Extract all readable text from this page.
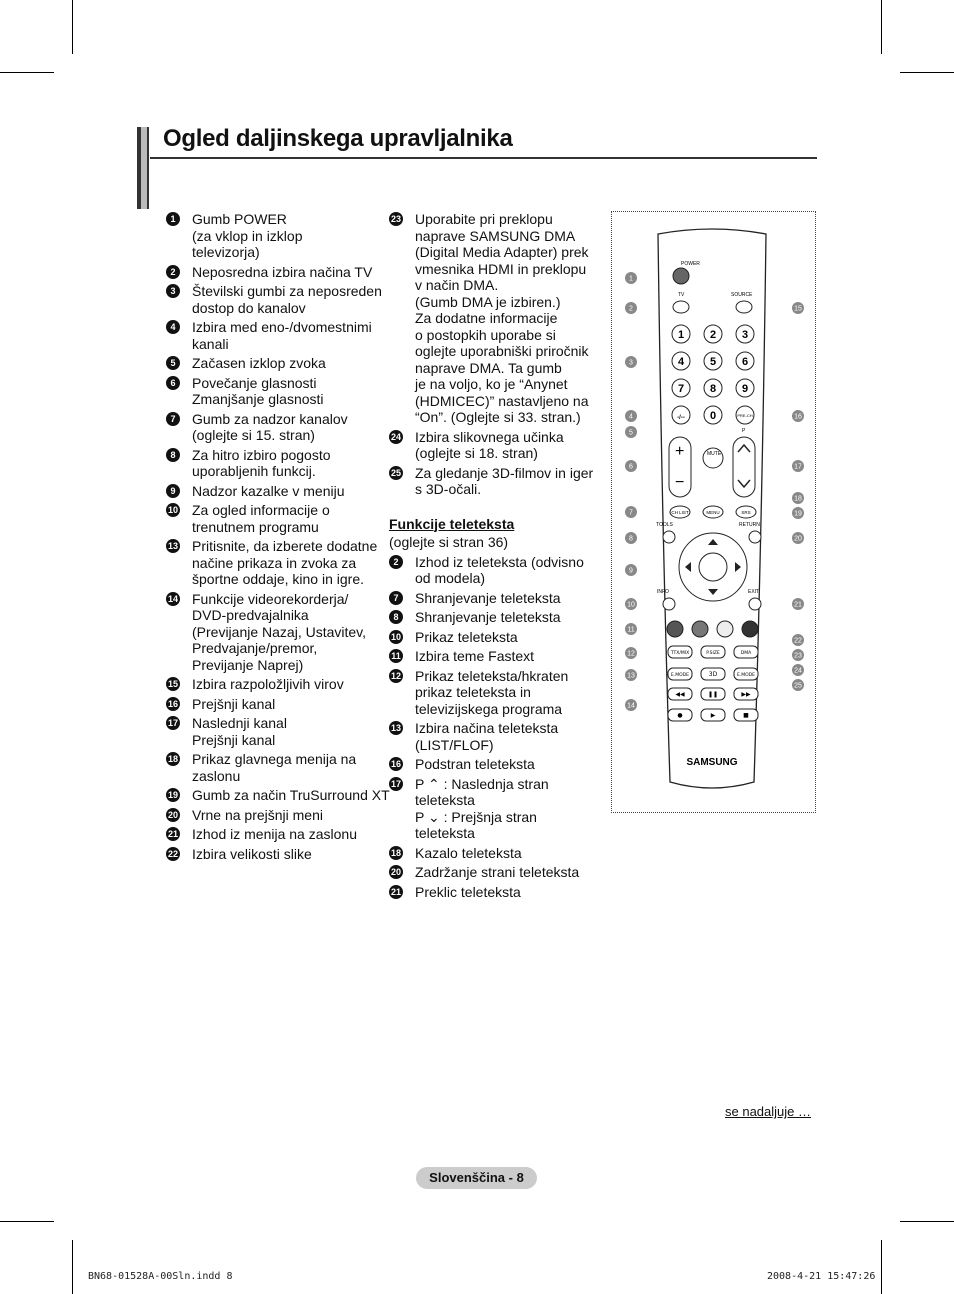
Ogled daljinskega upravljalnika
1	Gumb POWER
(za vklop in izklop
televizorja)
2	Neposredna izbira načina TV
3	Številski gumbi za neposreden
dostop do kanalov
4	Izbira med eno-/dvomestnimi
kanali
5	Začasen izklop zvoka
6	Povečanje glasnosti
Zmanjšanje glasnosti
7	Gumb za nadzor kanalov
(oglejte si 15. stran)
8	Za hitro izbiro pogosto
uporabljenih funkcij.
9	Nadzor kazalke v meniju
10 Za ogled informacije o
trenutnem programu
13 Pritisnite, da izberete dodatne
načine prikaza in zvoka za
športne oddaje, kino in igre.
14 Funkcije videorekorderja/
DVD-predvajalnika
(Previjanje Nazaj, Ustavitev,
Predvajanje/premor,
Previjanje Naprej)
15 Izbira razpoložljivih virov
16 Prejšnji kanal
17 Naslednji kanal
Prejšnji kanal
18 Prikaz glavnega menija na
zaslonu
19 Gumb za način TruSurround XT
20 Vrne na prejšnji meni
21 Izhod iz menija na zaslonu
22 Izbira velikosti slike
23 Uporabite pri preklopu
naprave SAMSUNG DMA
(Digital Media Adapter) prek
vmesnika HDMI in preklopu
v način DMA.
(Gumb DMA je izbiren.)
Za dodatne informacije
o postopkih uporabe si
oglejte uporabniški priročnik
naprave DMA. Ta gumb
je na voljo, ko je “Anynet
(HDMICEC)” nastavljeno na
“On”. (Oglejte si 33. stran.)
24 Izbira slikovnega učinka
(oglejte si 18. stran)
25 Za gledanje 3D-filmov in iger
s 3D-očali.
Funkcije teleteksta
(oglejte si stran 36)
2	Izhod iz teleteksta (odvisno
od modela)
7	Shranjevanje teleteksta
8	Shranjevanje teleteksta
10 Prikaz teleteksta
11 Izbira teme Fastext
12 Prikaz teleteksta/hkraten
prikaz teleteksta in
televizijskega programa
13 Izbira načina teleteksta
(LIST/FLOF)
16 Podstran teleteksta
17 P ⌃ : Naslednja stran
teleteksta
P ⌄ : Prejšnja stran
teleteksta
18 Kazalo teleteksta
20 Zadržanje strani teleteksta
21 Preklic teleteksta
POWER
TV	SOURCE
1 2 3
4 5 6
7 8 9
-/-- 0	PRE-CH
MUTE
+
−
P
CH LIST	MENU	SRS
TOOLS	RETURN
INFO	EXIT
TTX/MIX	P.SIZE	DMA
E.MODE	3D	E.MODE
◀◀	❚❚	▶▶
●	▶	■
SAMSUNG
1
2
3
4
5
6
7
8
9
10
11
12
13
14
15
16
17
18
19
20
21
22
23
24
25
se nadaljuje …
Slovenščina - 8
BN68-01528A-00Sln.indd 8	2008-4-21 15:47:26
